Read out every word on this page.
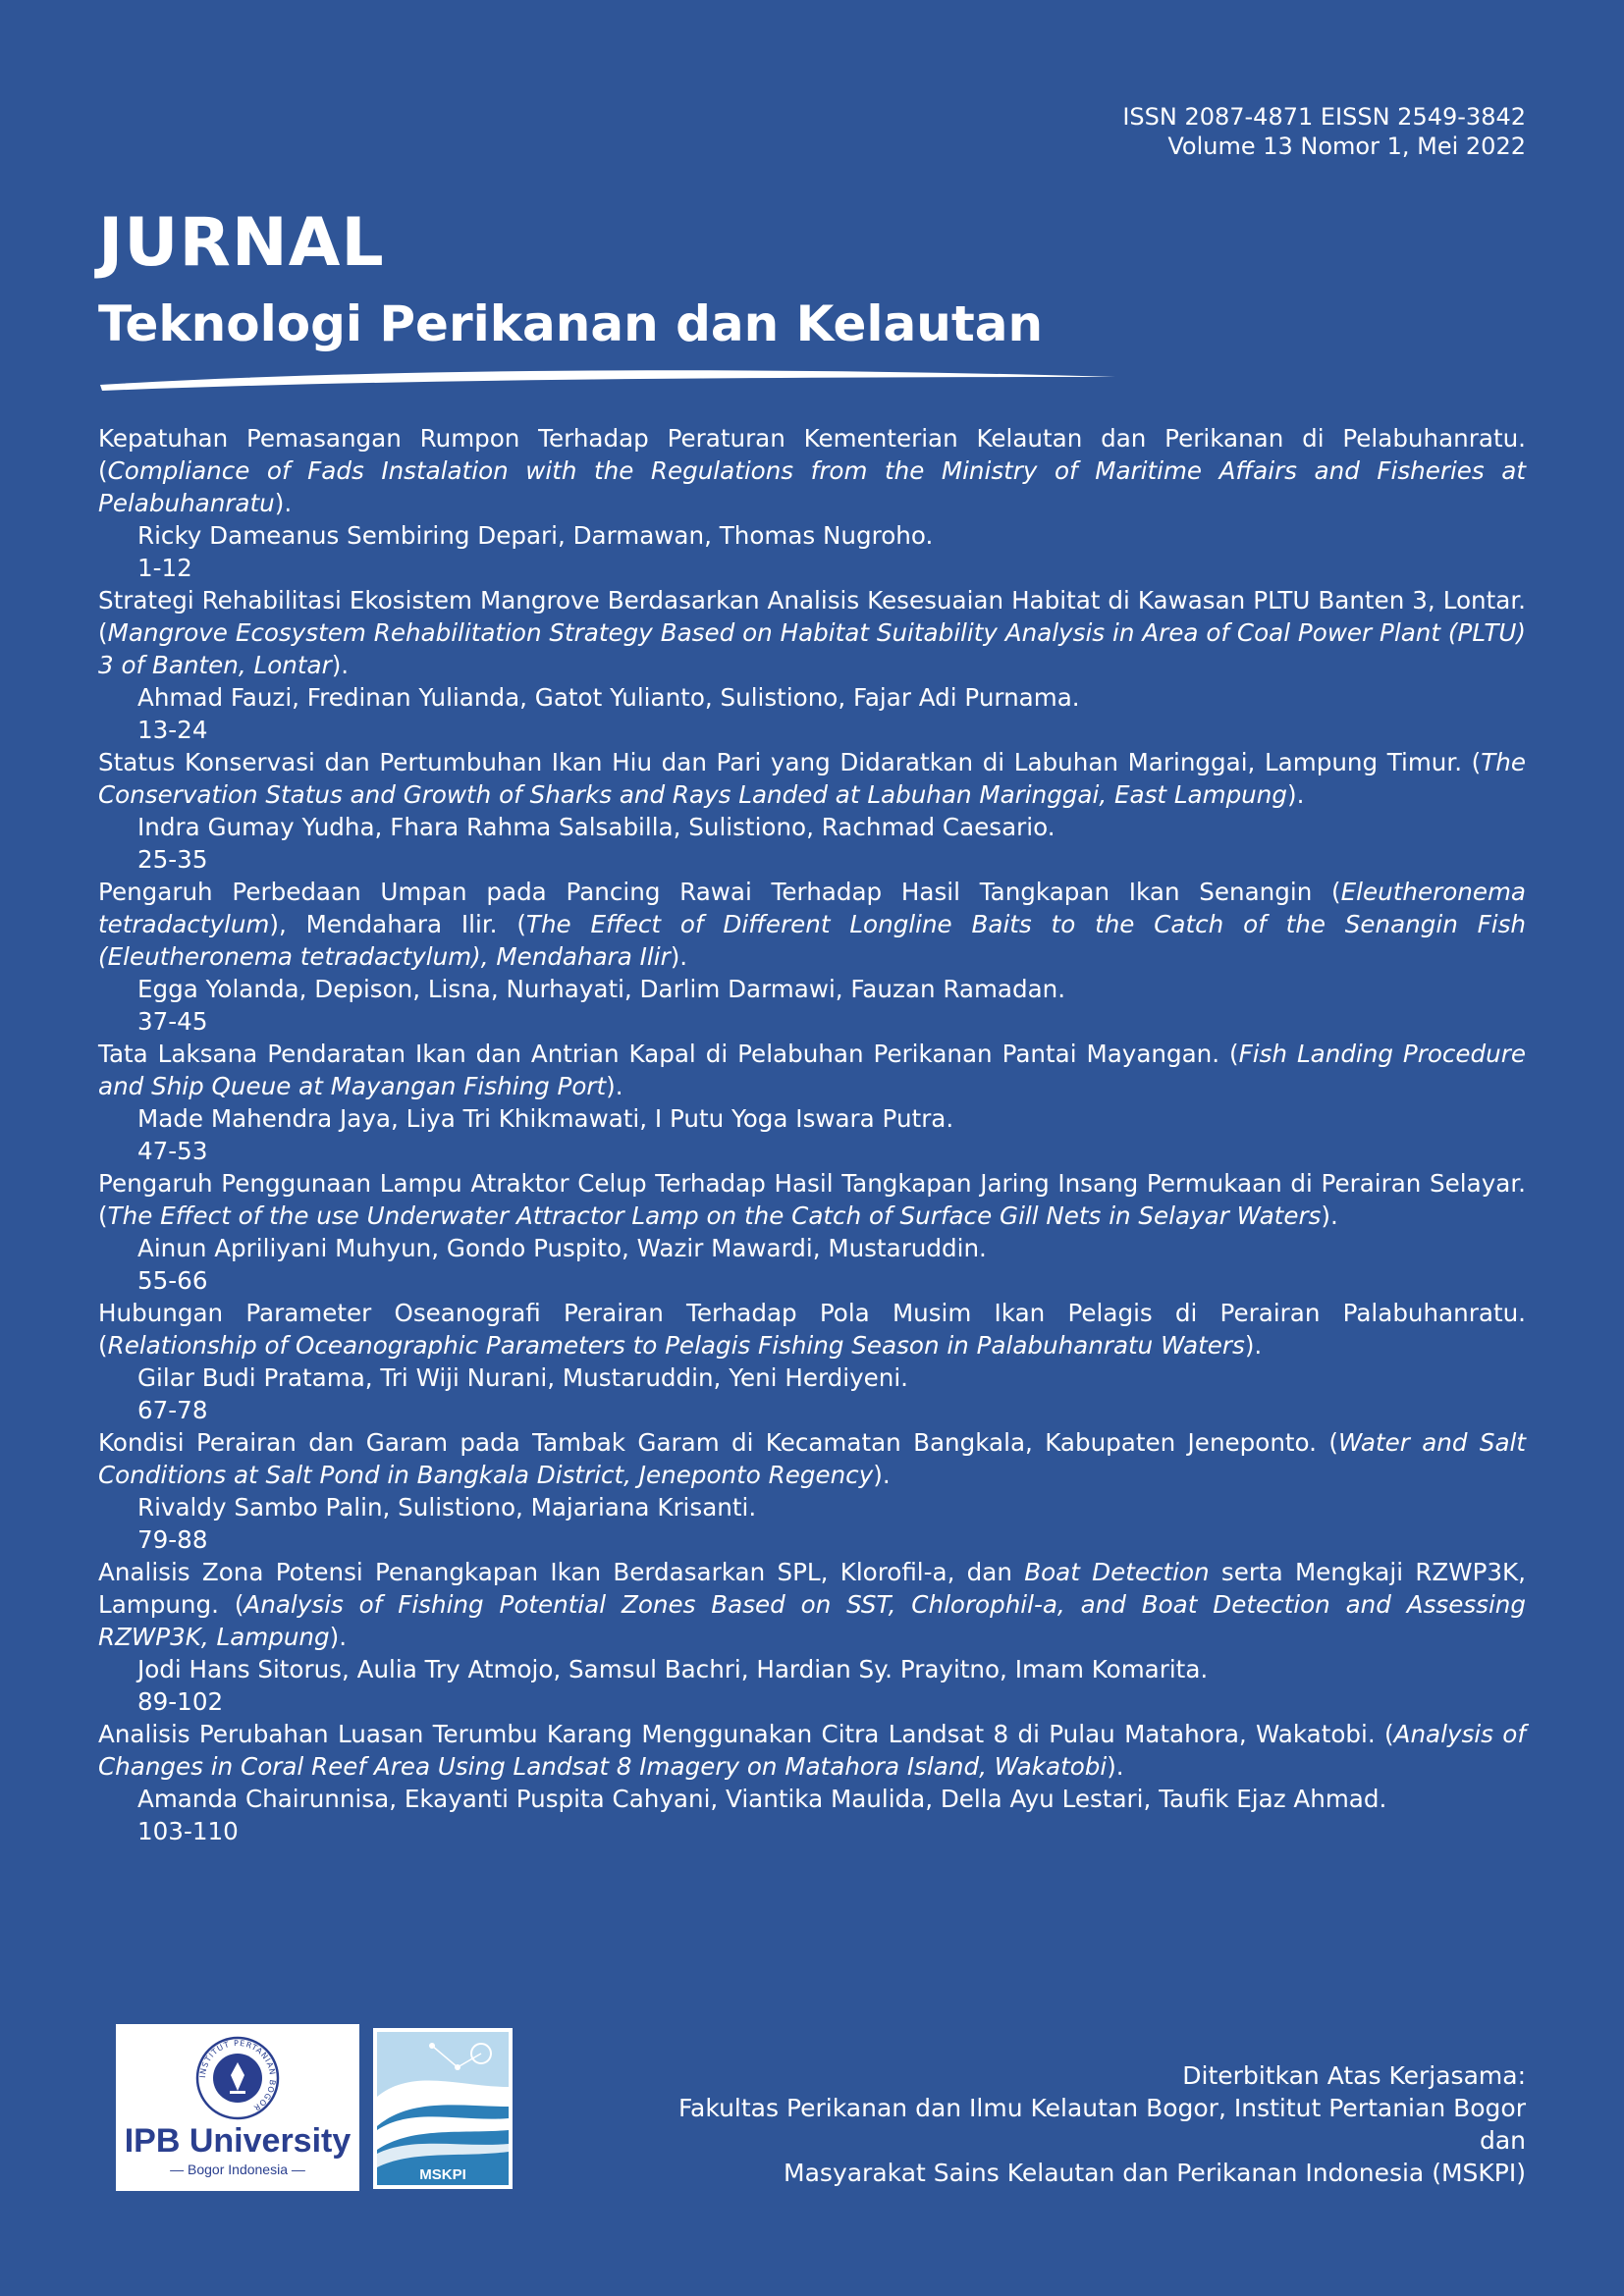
ISSN 2087-4871 EISSN 2549-3842
Volume 13 Nomor 1, Mei 2022
JURNAL
Teknologi Perikanan dan Kelautan
Kepatuhan Pemasangan Rumpon Terhadap Peraturan Kementerian Kelautan dan Perikanan di Pelabuhanratu. (Compliance of Fads Instalation with the Regulations from the Ministry of Maritime Affairs and Fisheries at Pelabuhanratu).
Ricky Dameanus Sembiring Depari, Darmawan, Thomas Nugroho.
1-12
Strategi Rehabilitasi Ekosistem Mangrove Berdasarkan Analisis Kesesuaian Habitat di Kawasan PLTU Banten 3, Lontar. (Mangrove Ecosystem Rehabilitation Strategy Based on Habitat Suitability Analysis in Area of Coal Power Plant (PLTU) 3 of Banten, Lontar).
Ahmad Fauzi, Fredinan Yulianda, Gatot Yulianto, Sulistiono, Fajar Adi Purnama.
13-24
Status Konservasi dan Pertumbuhan Ikan Hiu dan Pari yang Didaratkan di Labuhan Maringgai, Lampung Timur. (The Conservation Status and Growth of Sharks and Rays Landed at Labuhan Maringgai, East Lampung).
Indra Gumay Yudha, Fhara Rahma Salsabilla, Sulistiono, Rachmad Caesario.
25-35
Pengaruh Perbedaan Umpan pada Pancing Rawai Terhadap Hasil Tangkapan Ikan Senangin (Eleutheronema tetradactylum), Mendahara Ilir. (The Effect of Different Longline Baits to the Catch of the Senangin Fish (Eleutheronema tetradactylum), Mendahara Ilir).
Egga Yolanda, Depison, Lisna, Nurhayati, Darlim Darmawi, Fauzan Ramadan.
37-45
Tata Laksana Pendaratan Ikan dan Antrian Kapal di Pelabuhan Perikanan Pantai Mayangan. (Fish Landing Procedure and Ship Queue at Mayangan Fishing Port).
Made Mahendra Jaya, Liya Tri Khikmawati, I Putu Yoga Iswara Putra.
47-53
Pengaruh Penggunaan Lampu Atraktor Celup Terhadap Hasil Tangkapan Jaring Insang Permukaan di Perairan Selayar. (The Effect of the use Underwater Attractor Lamp on the Catch of Surface Gill Nets in Selayar Waters).
Ainun Apriliyani Muhyun, Gondo Puspito, Wazir Mawardi, Mustaruddin.
55-66
Hubungan Parameter Oseanografi Perairan Terhadap Pola Musim Ikan Pelagis di Perairan Palabuhanratu. (Relationship of Oceanographic Parameters to Pelagis Fishing Season in Palabuhanratu Waters).
Gilar Budi Pratama, Tri Wiji Nurani, Mustaruddin, Yeni Herdiyeni.
67-78
Kondisi Perairan dan Garam pada Tambak Garam di Kecamatan Bangkala, Kabupaten Jeneponto. (Water and Salt Conditions at Salt Pond in Bangkala District, Jeneponto Regency).
Rivaldy Sambo Palin, Sulistiono, Majariana Krisanti.
79-88
Analisis Zona Potensi Penangkapan Ikan Berdasarkan SPL, Klorofil-a, dan Boat Detection serta Mengkaji RZWP3K, Lampung. (Analysis of Fishing Potential Zones Based on SST, Chlorophil-a, and Boat Detection and Assessing RZWP3K, Lampung).
Jodi Hans Sitorus, Aulia Try Atmojo, Samsul Bachri, Hardian Sy. Prayitno, Imam Komarita.
89-102
Analisis Perubahan Luasan Terumbu Karang Menggunakan Citra Landsat 8 di Pulau Matahora, Wakatobi. (Analysis of Changes in Coral Reef Area Using Landsat 8 Imagery on Matahora Island, Wakatobi).
Amanda Chairunnisa, Ekayanti Puspita Cahyani, Viantika Maulida, Della Ayu Lestari, Taufik Ejaz Ahmad.
103-110
INSTITUT PERTANIAN BOGOR
IPB University
— Bogor Indonesia —	MSKPI
Diterbitkan Atas Kerjasama:
Fakultas Perikanan dan Ilmu Kelautan Bogor, Institut Pertanian Bogor
dan
Masyarakat Sains Kelautan dan Perikanan Indonesia (MSKPI)
